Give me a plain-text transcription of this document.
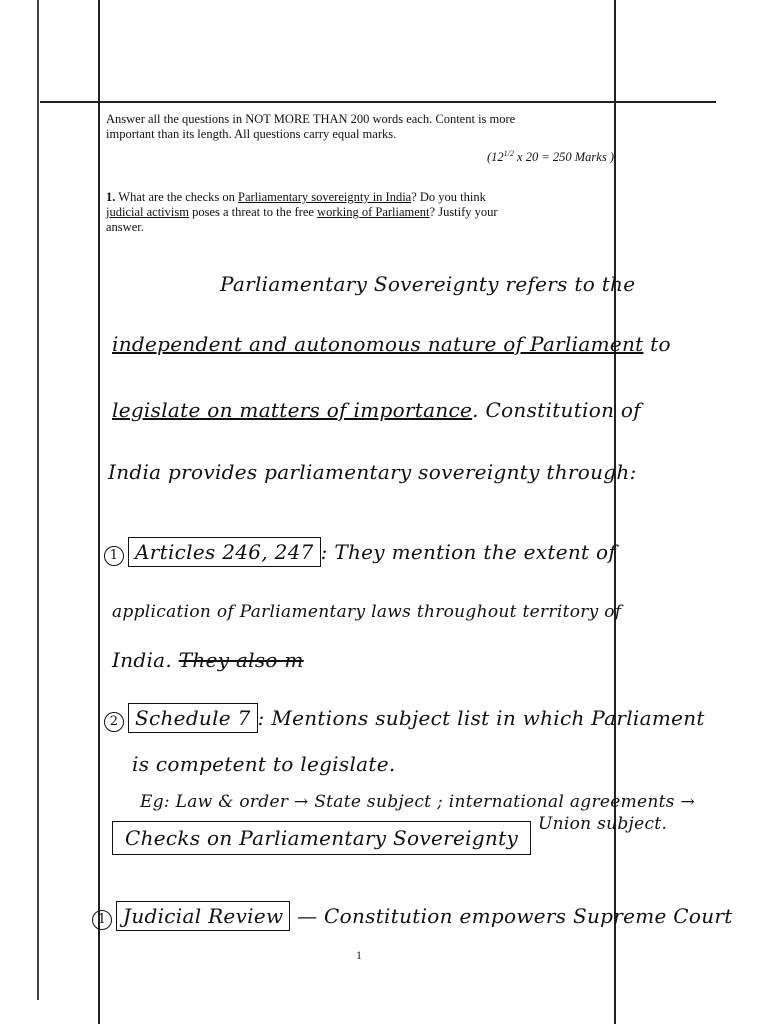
Answer all the questions in NOT MORE THAN 200 words each. Content is more
important than its length. All questions carry equal marks.
($12^{1/2}$ x 20 = 250 Marks )
1. What are the checks on Parliamentary sovereignty in India? Do you think
judicial activism poses a threat to the free working of Parliament? Justify your
answer.
Parliamentary Sovereignty refers to the
independent and autonomous nature of Parliament to
legislate on matters of importance. Constitution of
India provides parliamentary sovereignty through:
1 Articles 246, 247 : They mention the extent of
application of Parliamentary laws throughout territory of
India. They also m
2 Schedule 7 : Mentions subject list in which Parliament
is competent to legislate.
Eg: Law & order → State subject ; international agreements →
Union subject.
Checks on Parliamentary Sovereignty
1 Judicial Review — Constitution empowers Supreme Court
1
